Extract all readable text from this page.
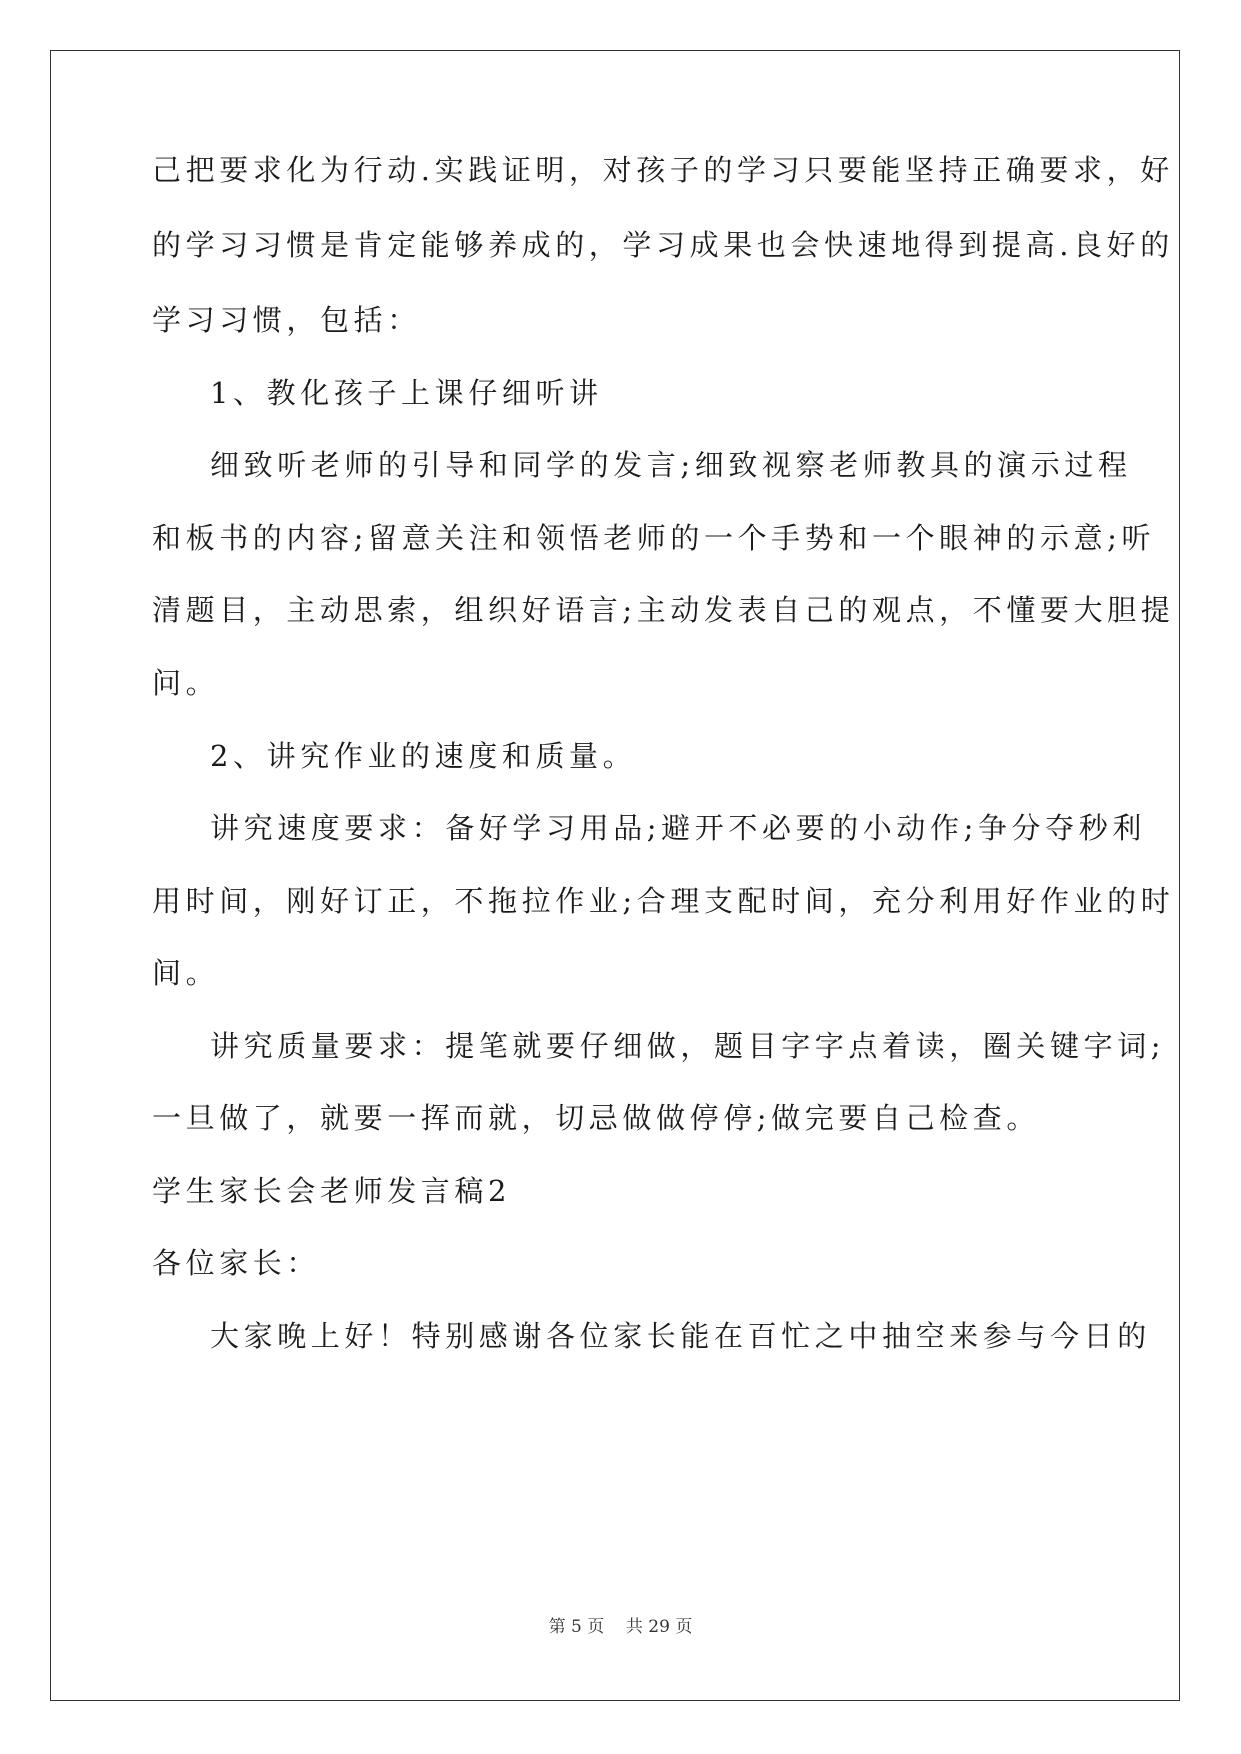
己把要求化为行动.实践证明，对孩子的学习只要能坚持正确要求，好
的学习习惯是肯定能够养成的，学习成果也会快速地得到提高.良好的
学习习惯，包括：
1、教化孩子上课仔细听讲
细致听老师的引导和同学的发言;细致视察老师教具的演示过程
和板书的内容;留意关注和领悟老师的一个手势和一个眼神的示意;听
清题目，主动思索，组织好语言;主动发表自己的观点，不懂要大胆提
问。
2、讲究作业的速度和质量。
讲究速度要求：备好学习用品;避开不必要的小动作;争分夺秒利
用时间，刚好订正，不拖拉作业;合理支配时间，充分利用好作业的时
间。
讲究质量要求：提笔就要仔细做，题目字字点着读，圈关键字词;
一旦做了，就要一挥而就，切忌做做停停;做完要自己检查。
学生家长会老师发言稿2
各位家长：
大家晚上好！特别感谢各位家长能在百忙之中抽空来参与今日的
第 5 页    共 29 页
